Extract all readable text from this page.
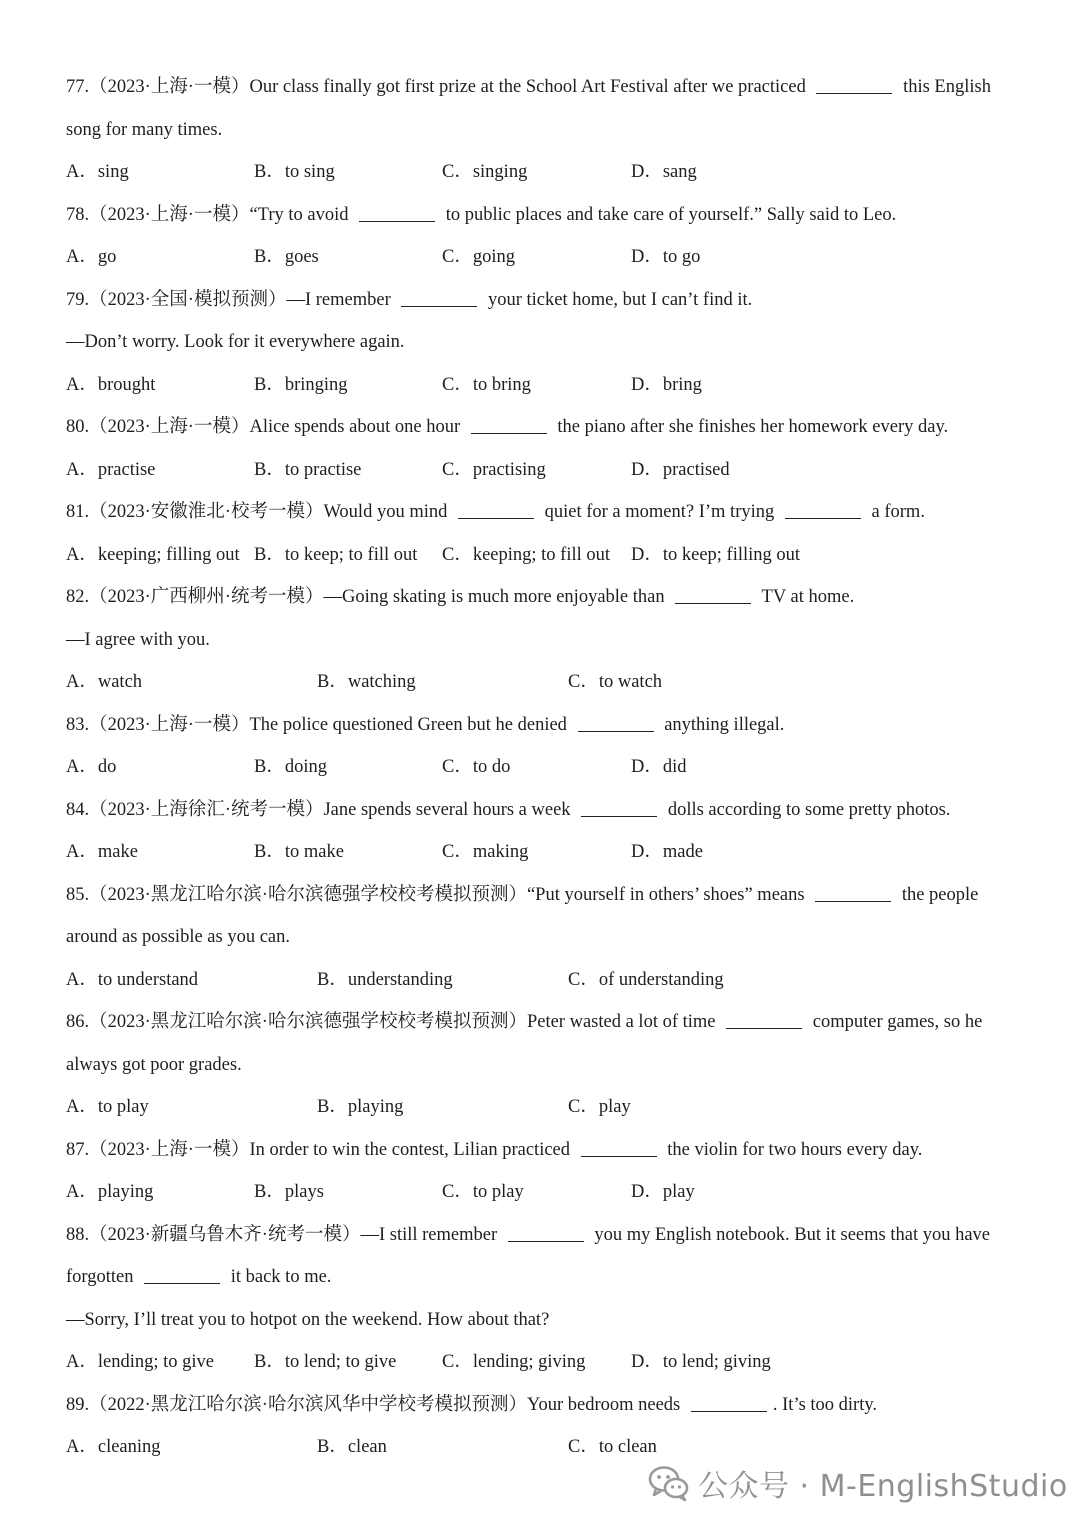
77.（2023·上海·一模）Our class finally got first prize at the School Art Festival after we practiced	this English
song for many times.
A．sing	B．to sing	C．singing	D．sang
78.（2023·上海·一模）“Try to avoid	to public places and take care of yourself.” Sally said to Leo.
A．go	B．goes	C．going	D．to go
79.（2023·全国·模拟预测）—I remember	your ticket home, but I can’t find it.
—Don’t worry. Look for it everywhere again.
A．brought	B．bringing	C．to bring	D．bring
80.（2023·上海·一模）Alice spends about one hour	the piano after she finishes her homework every day.
A．practise	B．to practise	C．practising	D．practised
81.（2023·安徽淮北·校考一模）Would you mind	quiet for a moment? I’m trying	a form.
A．keeping; filling out B．to keep; to fill out C．keeping; to fill out D．to keep; filling out
82.（2023·广西柳州·统考一模）—Going skating is much more enjoyable than	TV at home.
—I agree with you.
A．watch	B．watching	C．to watch
83.（2023·上海·一模）The police questioned Green but he denied	anything illegal.
A．do	B．doing	C．to do	D．did
84.（2023·上海徐汇·统考一模）Jane spends several hours a week	dolls according to some pretty photos.
A．make	B．to make	C．making	D．made
85.（2023·黑龙江哈尔滨·哈尔滨德强学校校考模拟预测）“Put yourself in others’ shoes” means	the people
around as possible as you can.
A．to understand	B．understanding	C．of understanding
86.（2023·黑龙江哈尔滨·哈尔滨德强学校校考模拟预测）Peter wasted a lot of time	computer games, so he
always got poor grades.
A．to play	B．playing	C．play
87.（2023·上海·一模）In order to win the contest, Lilian practiced	the violin for two hours every day.
A．playing	B．plays	C．to play	D．play
88.（2023·新疆乌鲁木齐·统考一模）—I still remember	you my English notebook. But it seems that you have
forgotten	it back to me.
—Sorry, I’ll treat you to hotpot on the weekend. How about that?
A．lending; to give B．to lend; to give C．lending; giving D．to lend; giving
89.（2022·黑龙江哈尔滨·哈尔滨风华中学校考模拟预测）Your bedroom needs	. It’s too dirty.
A．cleaning	B．clean	C．to clean
公众号 · M-EnglishStudio
